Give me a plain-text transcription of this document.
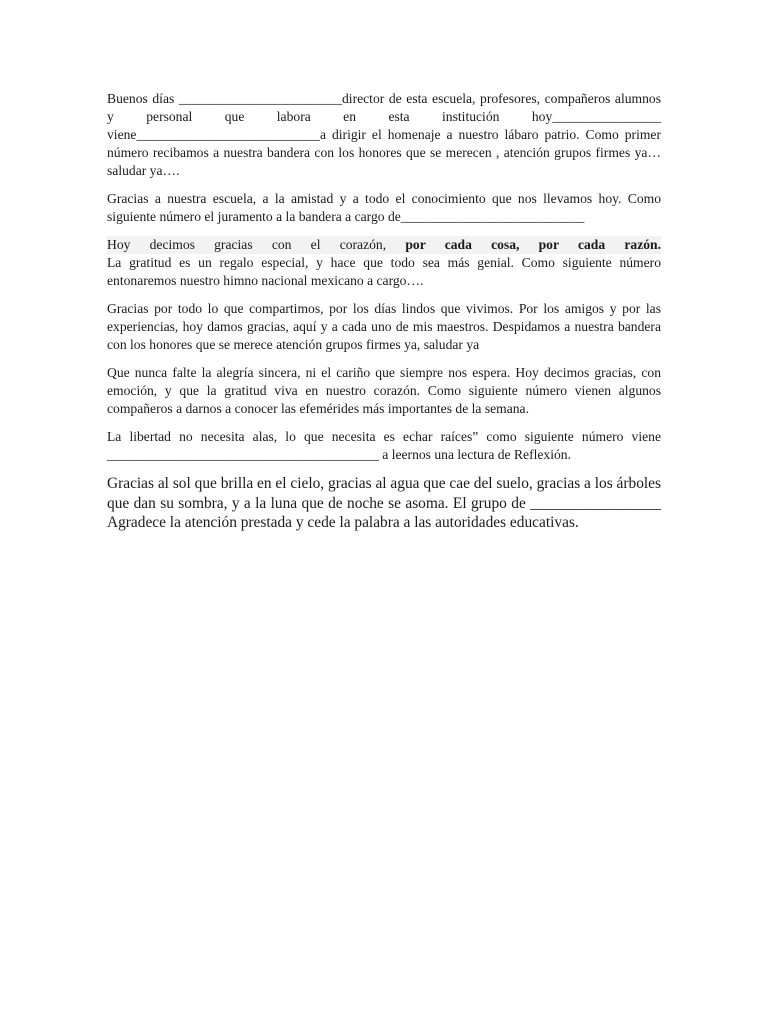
Buenos días ________________________director de esta escuela, profesores, compañeros alumnos
y personal que labora en esta institución hoy________________
viene___________________________a dirigir el homenaje a nuestro lábaro patrio. Como primer
número recibamos a nuestra bandera con los honores que se merecen , atención grupos firmes ya…
saludar ya….

Gracias a nuestra escuela, a la amistad y a todo el conocimiento que nos llevamos hoy. Como
siguiente número el juramento a la bandera a cargo de___________________________

Hoy decimos gracias con el corazón, por cada cosa, por cada razón.
La gratitud es un regalo especial, y hace que todo sea más genial. Como siguiente número
entonaremos nuestro himno nacional mexicano a cargo….

Gracias por todo lo que compartimos, por los días lindos que vivimos. Por los amigos y por las
experiencias, hoy damos gracias, aquí y a cada uno de mis maestros. Despidamos a nuestra bandera
con los honores que se merece atención grupos firmes ya, saludar ya

Que nunca falte la alegría sincera, ni el cariño que siempre nos espera. Hoy decimos gracias, con
emoción, y que la gratitud viva en nuestro corazón. Como siguiente número vienen algunos
compañeros a darnos a conocer las efemérides más importantes de la semana.

La libertad no necesita alas, lo que necesita es echar raíces” como siguiente número viene
________________________________________ a leernos una lectura de Reflexión.

Gracias al sol que brilla en el cielo, gracias al agua que cae del suelo, gracias a los árboles
que dan su sombra, y a la luna que de noche se asoma. El grupo de _________________
Agradece la atención prestada y cede la palabra a las autoridades educativas.
